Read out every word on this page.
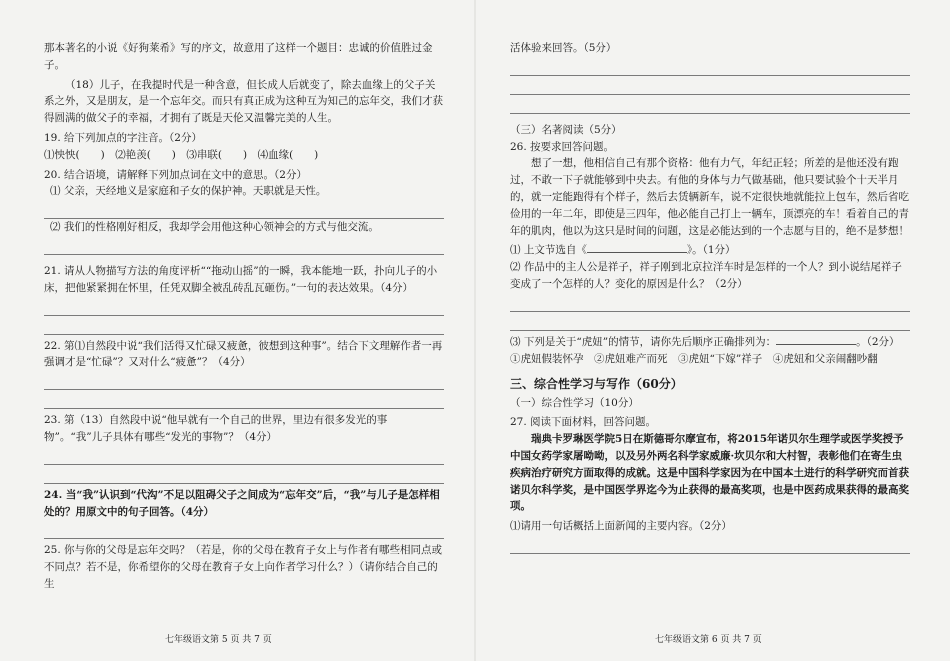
那本著名的小说《好狗莱希》写的序文，故意用了这样一个题目：忠诚的价值胜过金子。

（18）儿子，在我提时代是一种含意，但长成人后就变了，除去血缘上的父子关系之外，又是朋友，是一个忘年交。而只有真正成为这种互为知己的忘年交，我们才获得圆满的做父子的幸福，才拥有了既是天伦又温馨完美的人生。

19. 给下列加点的字注音。（2分）

⑴怏怏(　　)　⑵艳羡(　　)　⑶串联(　　)　⑷血缘(　　)

20. 结合语境，请解释下列加点词在文中的意思。（2分）

⑴ 父亲，天经地义是家庭和子女的保护神。天职就是天性。

⑵ 我们的性格刚好相反，我却学会用他这种心领神会的方式与他交流。

21. 请从人物描写方法的角度评析““拖动山摇”的一瞬，我本能地一跃，扑向儿子的小床，把他紧紧拥在怀里，任凭双脚全被乱砖乱瓦砸伤。”一句的表达效果。（4分）

22. 第⑴自然段中说“我们活得又忙碌又疲惫，彼想到这种事”。结合下文理解作者一再强调才是“忙碌”？又对什么“疲惫”？（4分）

23. 第（13）自然段中说“他早就有一个自己的世界，里边有很多发光的事物”。“我”儿子具体有哪些“发光的事物”？（4分）

24. 当“我”认识到“代沟”不足以阻碍父子之间成为“忘年交”后，“我”与儿子是怎样相处的？用原文中的句子回答。（4分）

25. 你与你的父母是忘年交吗？（若是，你的父母在教育子女上与作者有哪些相同点或不同点？若不是，你希望你的父母在教育子女上向作者学习什么？）（请你结合自己的生

活体验来回答。（5分）

（三）名著阅读（5分）

26. 按要求回答问题。

想了一想，他相信自己有那个资格：他有力气，年纪正轻；所差的是他还没有跑过，不敢一下子就能够到中央去。有他的身体与力气做基础，他只要试验个十天半月的，就一定能跑得有个样子，然后去赁辆新车，说不定很快地就能拉上包车，然后省吃俭用的一年二年，即使是三四年，他必能自己打上一辆车，顶漂亮的车！看着自己的青年的肌肉，他以为这只是时间的问题，这是必能达到的一个志愿与目的，绝不是梦想！

⑴ 上文节选自《	》。（1分）

⑵ 作品中的主人公是祥子，祥子刚到北京拉洋车时是怎样的一个人？到小说结尾祥子变成了一个怎样的人？变化的原因是什么？（2分）

⑶ 下列是关于“虎妞”的情节，请你先后顺序正确排列为：	。（2分）

①虎妞假装怀孕　②虎妞难产而死　③虎妞“下嫁”祥子　④虎妞和父亲闹翻吵翻

三、综合性学习与写作（60分）

（一）综合性学习（10分）

27. 阅读下面材料，回答问题。

瑞典卡罗琳医学院5日在斯德哥尔摩宣布，将2015年诺贝尔生理学或医学奖授予中国女药学家屠呦呦，以及另外两名科学家威廉·坎贝尔和大村智，表彰他们在寄生虫疾病治疗研究方面取得的成就。这是中国科学家因为在中国本土进行的科学研究而首获诺贝尔科学奖，是中国医学界迄今为止获得的最高奖项，也是中医药成果获得的最高奖项。

⑴请用一句话概括上面新闻的主要内容。（2分）

七年级语文第 5 页 共 7 页	七年级语文第 6 页 共 7 页
